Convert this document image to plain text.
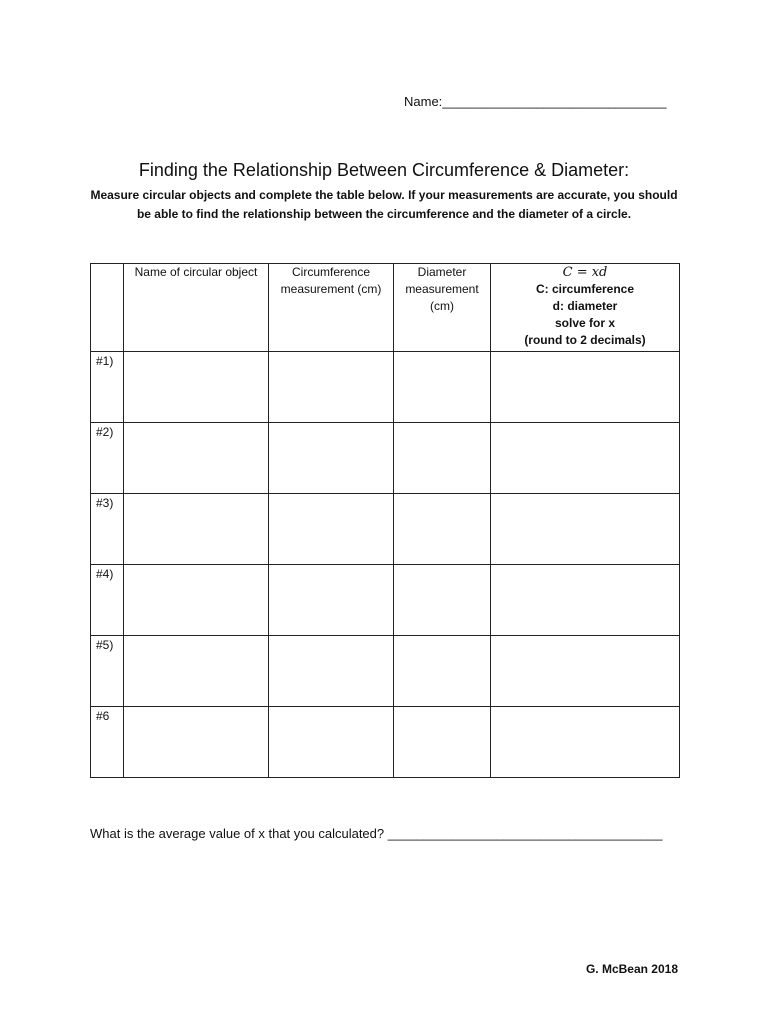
Name:_______________________________
Finding the Relationship Between Circumference & Diameter:
Measure circular objects and complete the table below. If your measurements are accurate, you should be able to find the relationship between the circumference and the diameter of a circle.
	Name of circular object	Circumference measurement (cm)	Diameter measurement (cm)	C = xd
C: circumference
d: diameter
solve for x
(round to 2 decimals)

#1)				
#2)				
#3)				
#4)				
#5)				
#6				
What is the average value of x that you calculated? ______________________________________
G. McBean 2018
